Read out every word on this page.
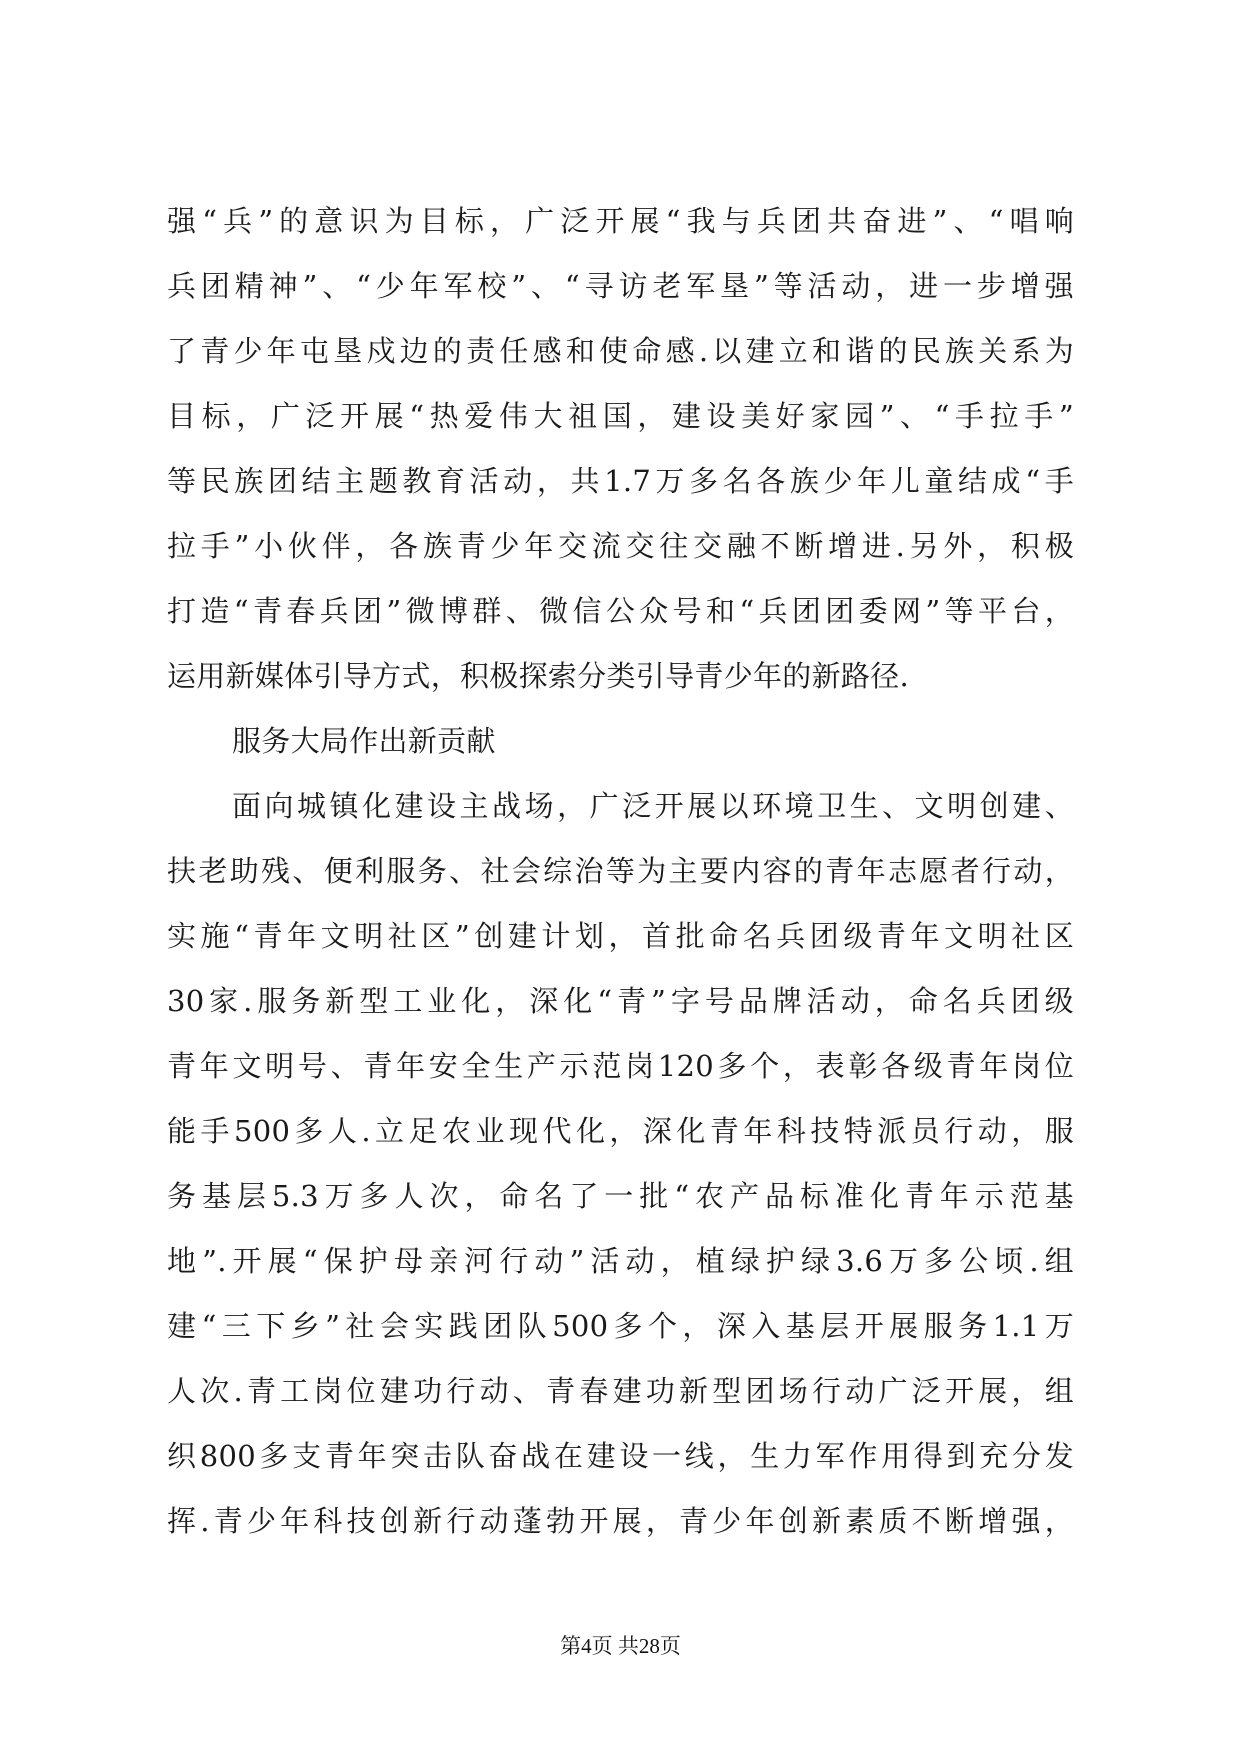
强“兵”的意识为目标，广泛开展“我与兵团共奋进”、“唱响
兵团精神”、“少年军校”、“寻访老军垦”等活动，进一步增强
了青少年屯垦戍边的责任感和使命感.以建立和谐的民族关系为
目标，广泛开展“热爱伟大祖国，建设美好家园”、“手拉手”
等民族团结主题教育活动，共1.7万多名各族少年儿童结成“手
拉手”小伙伴，各族青少年交流交往交融不断增进.另外，积极
打造“青春兵团”微博群、微信公众号和“兵团团委网”等平台，
运用新媒体引导方式，积极探索分类引导青少年的新路径.
服务大局作出新贡献
面向城镇化建设主战场，广泛开展以环境卫生、文明创建、
扶老助残、便利服务、社会综治等为主要内容的青年志愿者行动，
实施“青年文明社区”创建计划，首批命名兵团级青年文明社区
30家.服务新型工业化，深化“青”字号品牌活动，命名兵团级
青年文明号、青年安全生产示范岗120多个，表彰各级青年岗位
能手500多人.立足农业现代化，深化青年科技特派员行动，服
务基层5.3万多人次，命名了一批“农产品标准化青年示范基
地”.开展“保护母亲河行动”活动，植绿护绿3.6万多公顷.组
建“三下乡”社会实践团队500多个，深入基层开展服务1.1万
人次.青工岗位建功行动、青春建功新型团场行动广泛开展，组
织800多支青年突击队奋战在建设一线，生力军作用得到充分发
挥.青少年科技创新行动蓬勃开展，青少年创新素质不断增强，
第4页 共28页
